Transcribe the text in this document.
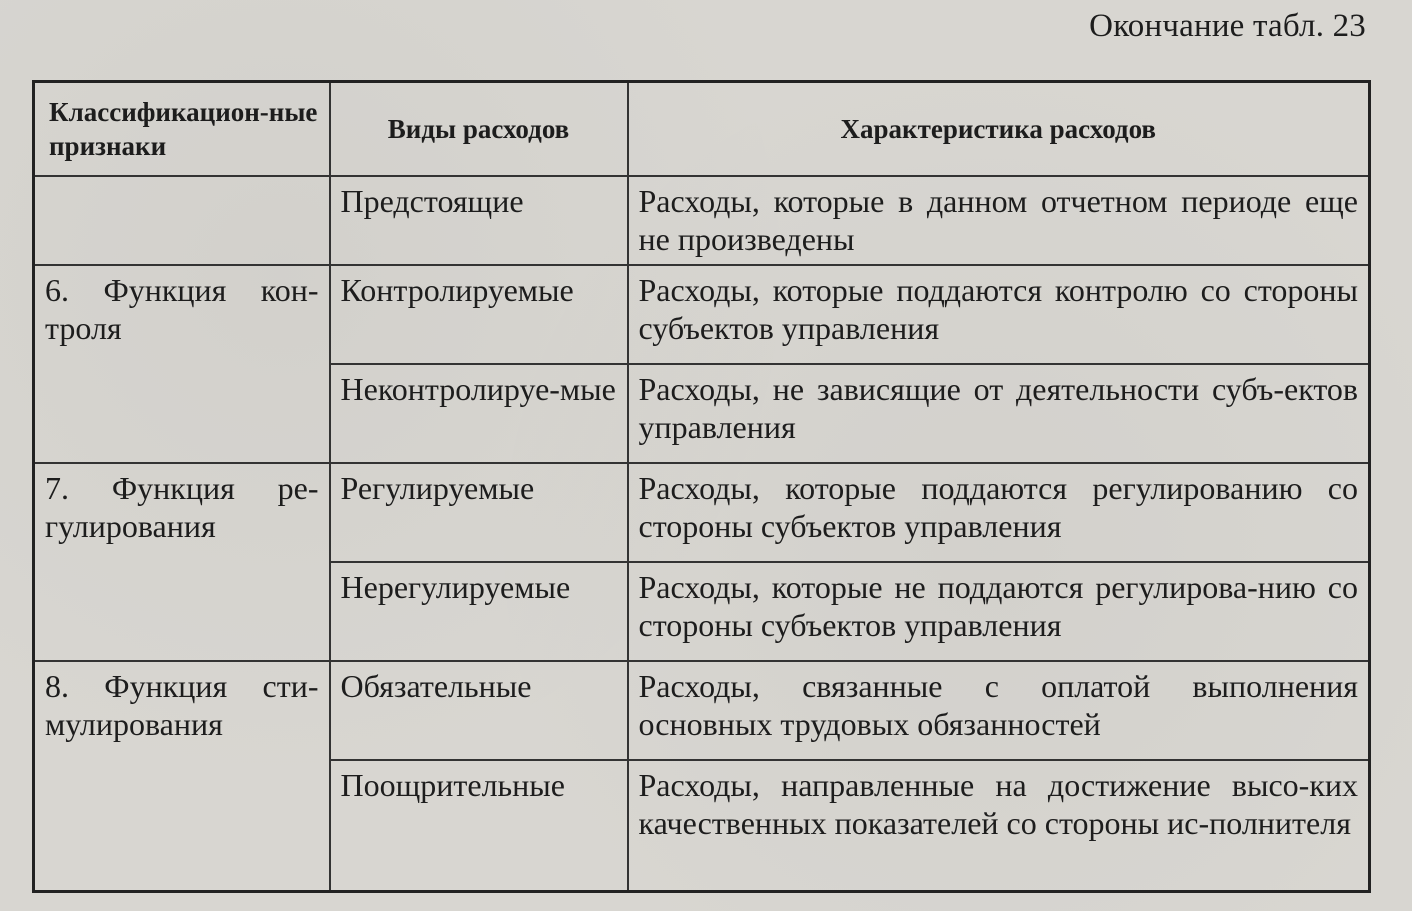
Окончание табл. 23
Классификацион-ные признаки	Виды расходов	Характеристика расходов
	Предстоящие	Расходы, которые в данном отчетном периоде еще не произведены
6. Функция кон-троля	Контролируемые	Расходы, которые поддаются контролю со стороны субъектов управления
	Неконтролируе-мые	Расходы, не зависящие от деятельности субъ-ектов управления
7. Функция ре-гулирования	Регулируемые	Расходы, которые поддаются регулированию со стороны субъектов управления
	Нерегулируемые	Расходы, которые не поддаются регулирова-нию со стороны субъектов управления
8. Функция сти-мулирования	Обязательные	Расходы, связанные с оплатой выполнения основных трудовых обязанностей
	Поощрительные	Расходы, направленные на достижение высо-ких качественных показателей со стороны ис-полнителя
